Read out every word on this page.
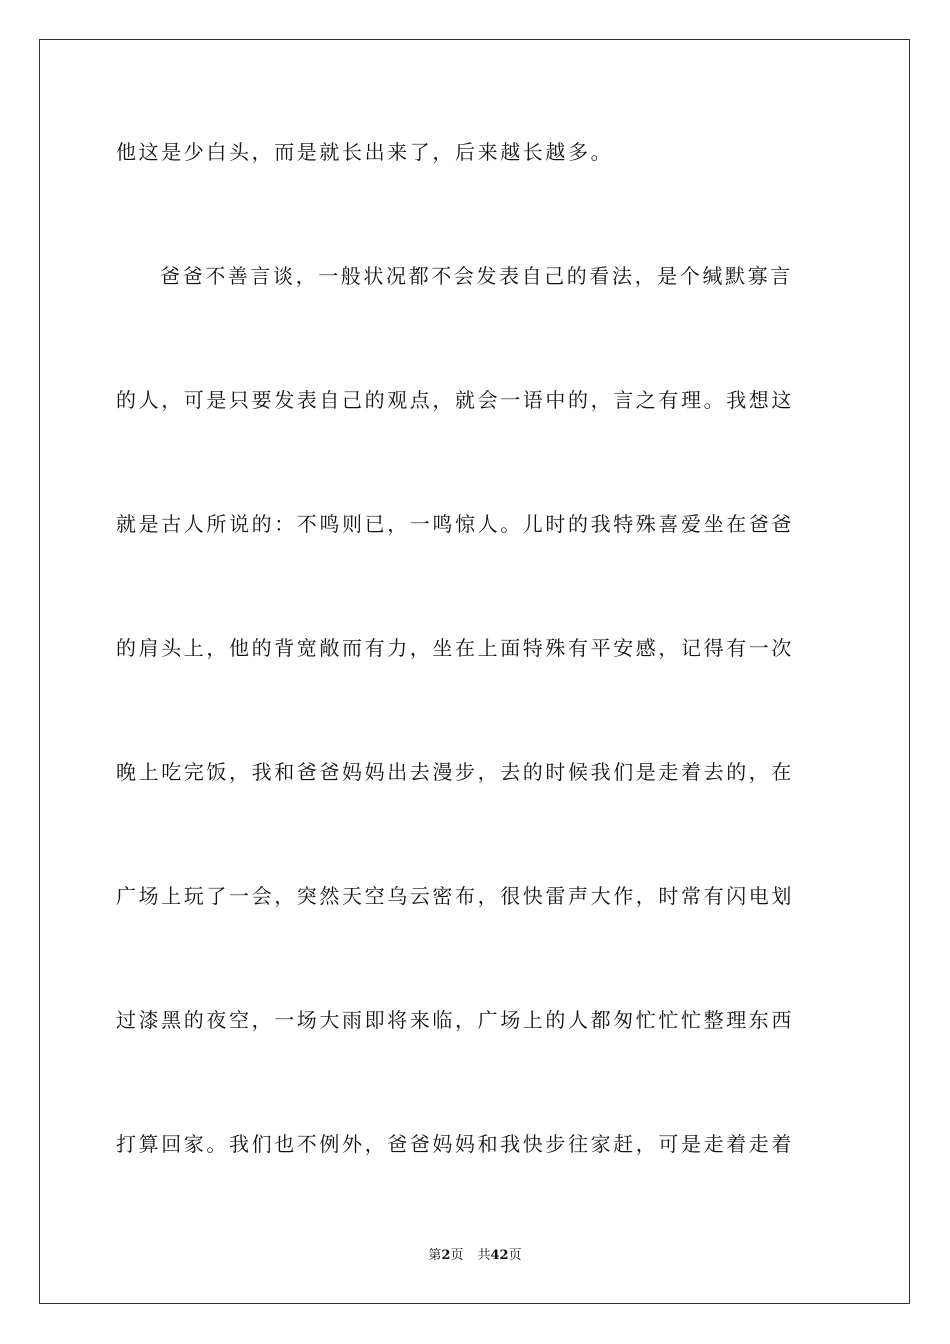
他这是少白头，而是就长出来了，后来越长越多。
爸爸不善言谈，一般状况都不会发表自己的看法，是个缄默寡言
的人，可是只要发表自己的观点，就会一语中的，言之有理。我想这
就是古人所说的：不鸣则已，一鸣惊人。儿时的我特殊喜爱坐在爸爸
的肩头上，他的背宽敞而有力，坐在上面特殊有平安感，记得有一次
晚上吃完饭，我和爸爸妈妈出去漫步，去的时候我们是走着去的，在
广场上玩了一会，突然天空乌云密布，很快雷声大作，时常有闪电划
过漆黑的夜空，一场大雨即将来临，广场上的人都匆忙忙忙整理东西
打算回家。我们也不例外，爸爸妈妈和我快步往家赶，可是走着走着
第2页 共42页
